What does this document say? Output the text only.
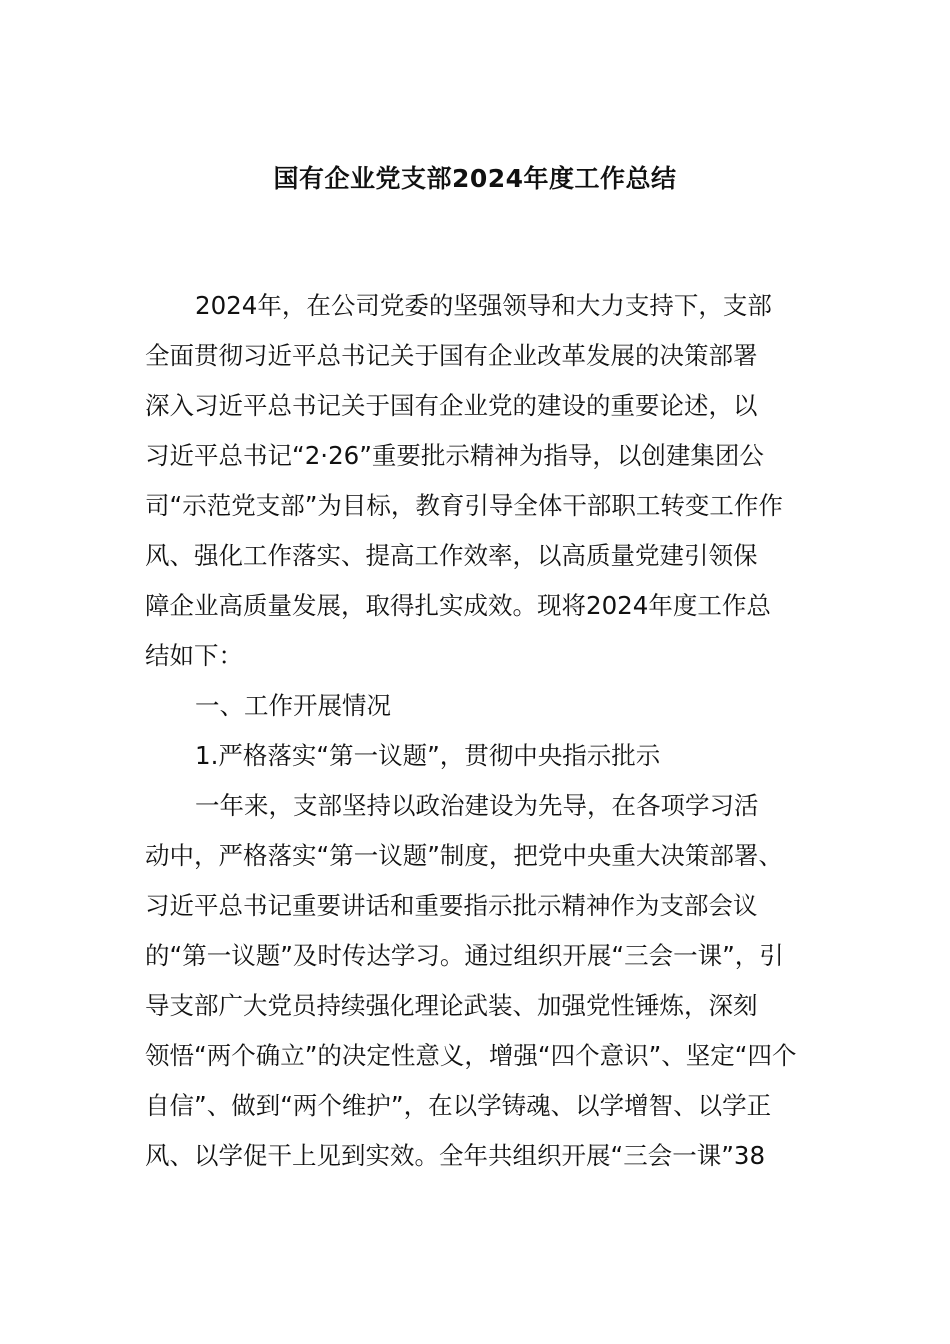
国有企业党支部2024年度工作总结
2024年，在公司党委的坚强领导和大力支持下，支部
全面贯彻习近平总书记关于国有企业改革发展的决策部署
深入习近平总书记关于国有企业党的建设的重要论述，以
习近平总书记“2·26”重要批示精神为指导，以创建集团公
司“示范党支部”为目标，教育引导全体干部职工转变工作作
风、强化工作落实、提高工作效率，以高质量党建引领保
障企业高质量发展，取得扎实成效。现将2024年度工作总
结如下：
一、工作开展情况
1.严格落实“第一议题”，贯彻中央指示批示
一年来，支部坚持以政治建设为先导，在各项学习活
动中，严格落实“第一议题”制度，把党中央重大决策部署、
习近平总书记重要讲话和重要指示批示精神作为支部会议
的“第一议题”及时传达学习。通过组织开展“三会一课”，引
导支部广大党员持续强化理论武装、加强党性锤炼，深刻
领悟“两个确立”的决定性意义，增强“四个意识”、坚定“四个
自信”、做到“两个维护”，在以学铸魂、以学增智、以学正
风、以学促干上见到实效。全年共组织开展“三会一课”38
